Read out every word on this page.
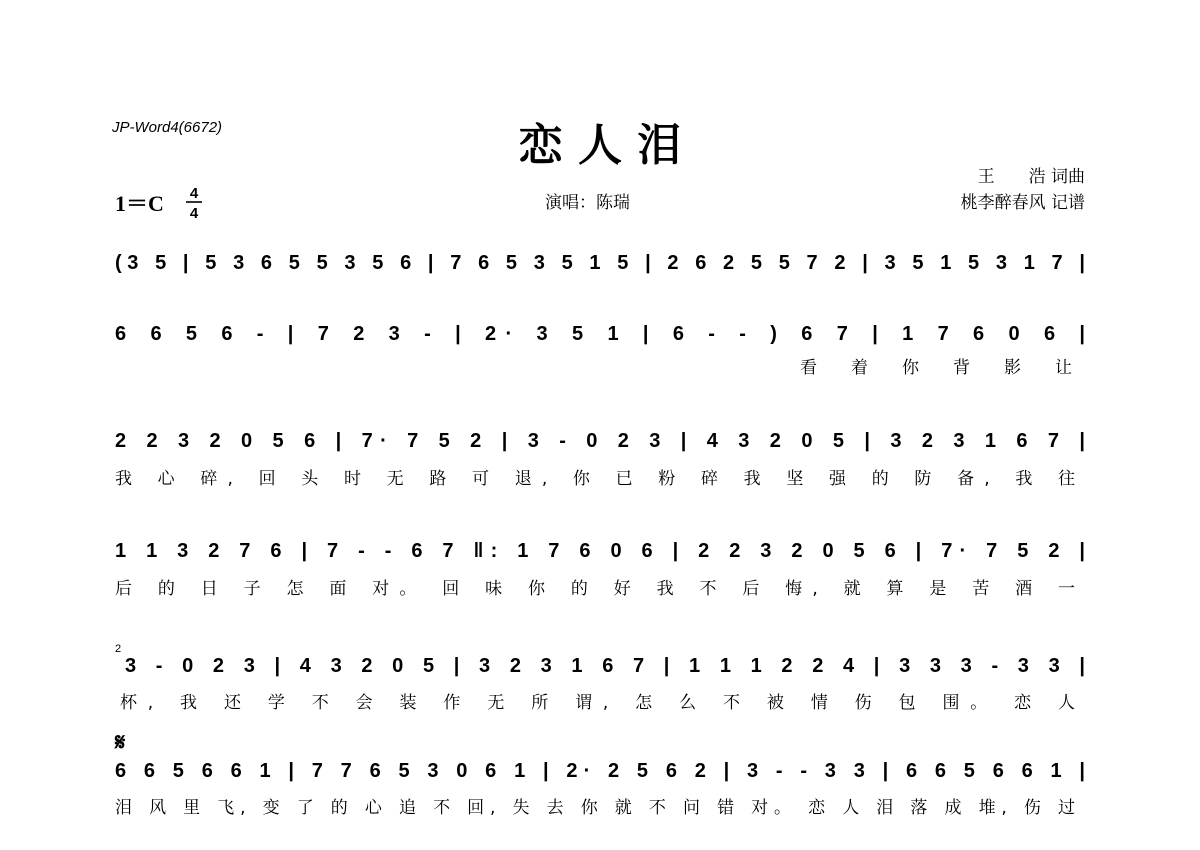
JP-Word4(6672)	恋 人 泪
王　　浩 词曲
1＝C 4
4
演唱：陈瑞	桃李醉春风 记谱
(3 5 | 5 3 6 5 5 3 5 6 | 7 6 5 3 5 1 5 | 2 6 2 5 5 7 2 | 3 5 1 5 3 1 7 |
6 6 5 6 - | 7 2 3 - | 2· 3 5 1 | 6 - - ) 6 7 | 1 7 6 0 6 |
看 着 你 背 影 让
2 2 3 2 0 5 6 | 7· 7 5 2 | 3 - 0 2 3 | 4 3 2 0 5 | 3 2 3 1 6 7 |
我 心 碎, 回 头 时 无 路 可 退, 你 已 粉 碎 我 坚 强 的 防 备, 我 往
1 1 3 2 7 6 | 7 - - 6 7 ‖: 1 7 6 0 6 | 2 2 3 2 0 5 6 | 7· 7 5 2 |
后 的 日 子 怎 面 对。 回 味 你 的 好 我 不 后 悔, 就 算 是 苦 酒 一
2
3 - 0 2 3 | 4 3 2 0 5 | 3 2 3 1 6 7 | 1 1 1 2 2 4 | 3 3 3 - 3 3 |
杯, 我 还 学 不 会 装 作 无 所 谓, 怎 么 不 被 情 伤 包 围。 恋 人
𝄋
6 6 5 6 6 1 | 7 7 6 5 3 0 6 1 | 2· 2 5 6 2 | 3 - - 3 3 | 6 6 5 6 6 1 |
泪 风 里 飞, 变 了 的 心 追 不 回, 失 去 你 就 不 问 错 对。 恋 人 泪 落 成 堆, 伤 过
